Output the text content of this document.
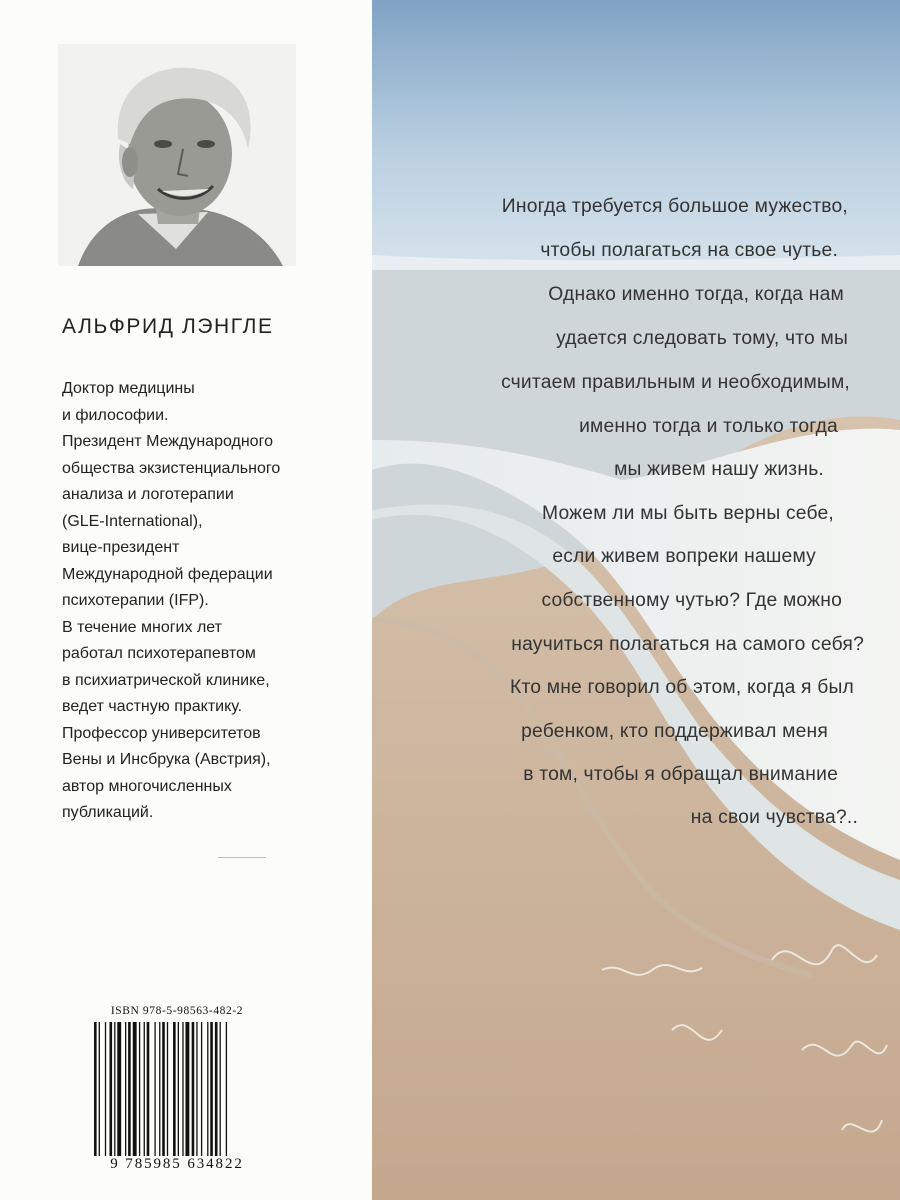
АЛЬФРИД ЛЭНГЛЕ
Доктор медицины
и философии.
Президент Международного
общества экзистенциального
анализа и логотерапии
(GLE-International),
вице-президент
Международной федерации
психотерапии (IFP).
В течение многих лет
работал психотерапевтом
в психиатрической клинике,
ведет частную практику.
Профессор университетов
Вены и Инсбрука (Австрия),
автор многочисленных
публикаций.
ISBN 978-5-98563-482-2
9 785985 634822
Иногда требуется большое мужество,
чтобы полагаться на свое чутье.
Однако именно тогда, когда нам
удается следовать тому, что мы
считаем правильным и необходимым,
именно тогда и только тогда
мы живем нашу жизнь.
Можем ли мы быть верны себе,
если живем вопреки нашему
собственному чутью? Где можно
научиться полагаться на самого себя?
Кто мне говорил об этом, когда я был
ребенком, кто поддерживал меня
в том, чтобы я обращал внимание
на свои чувства?..
